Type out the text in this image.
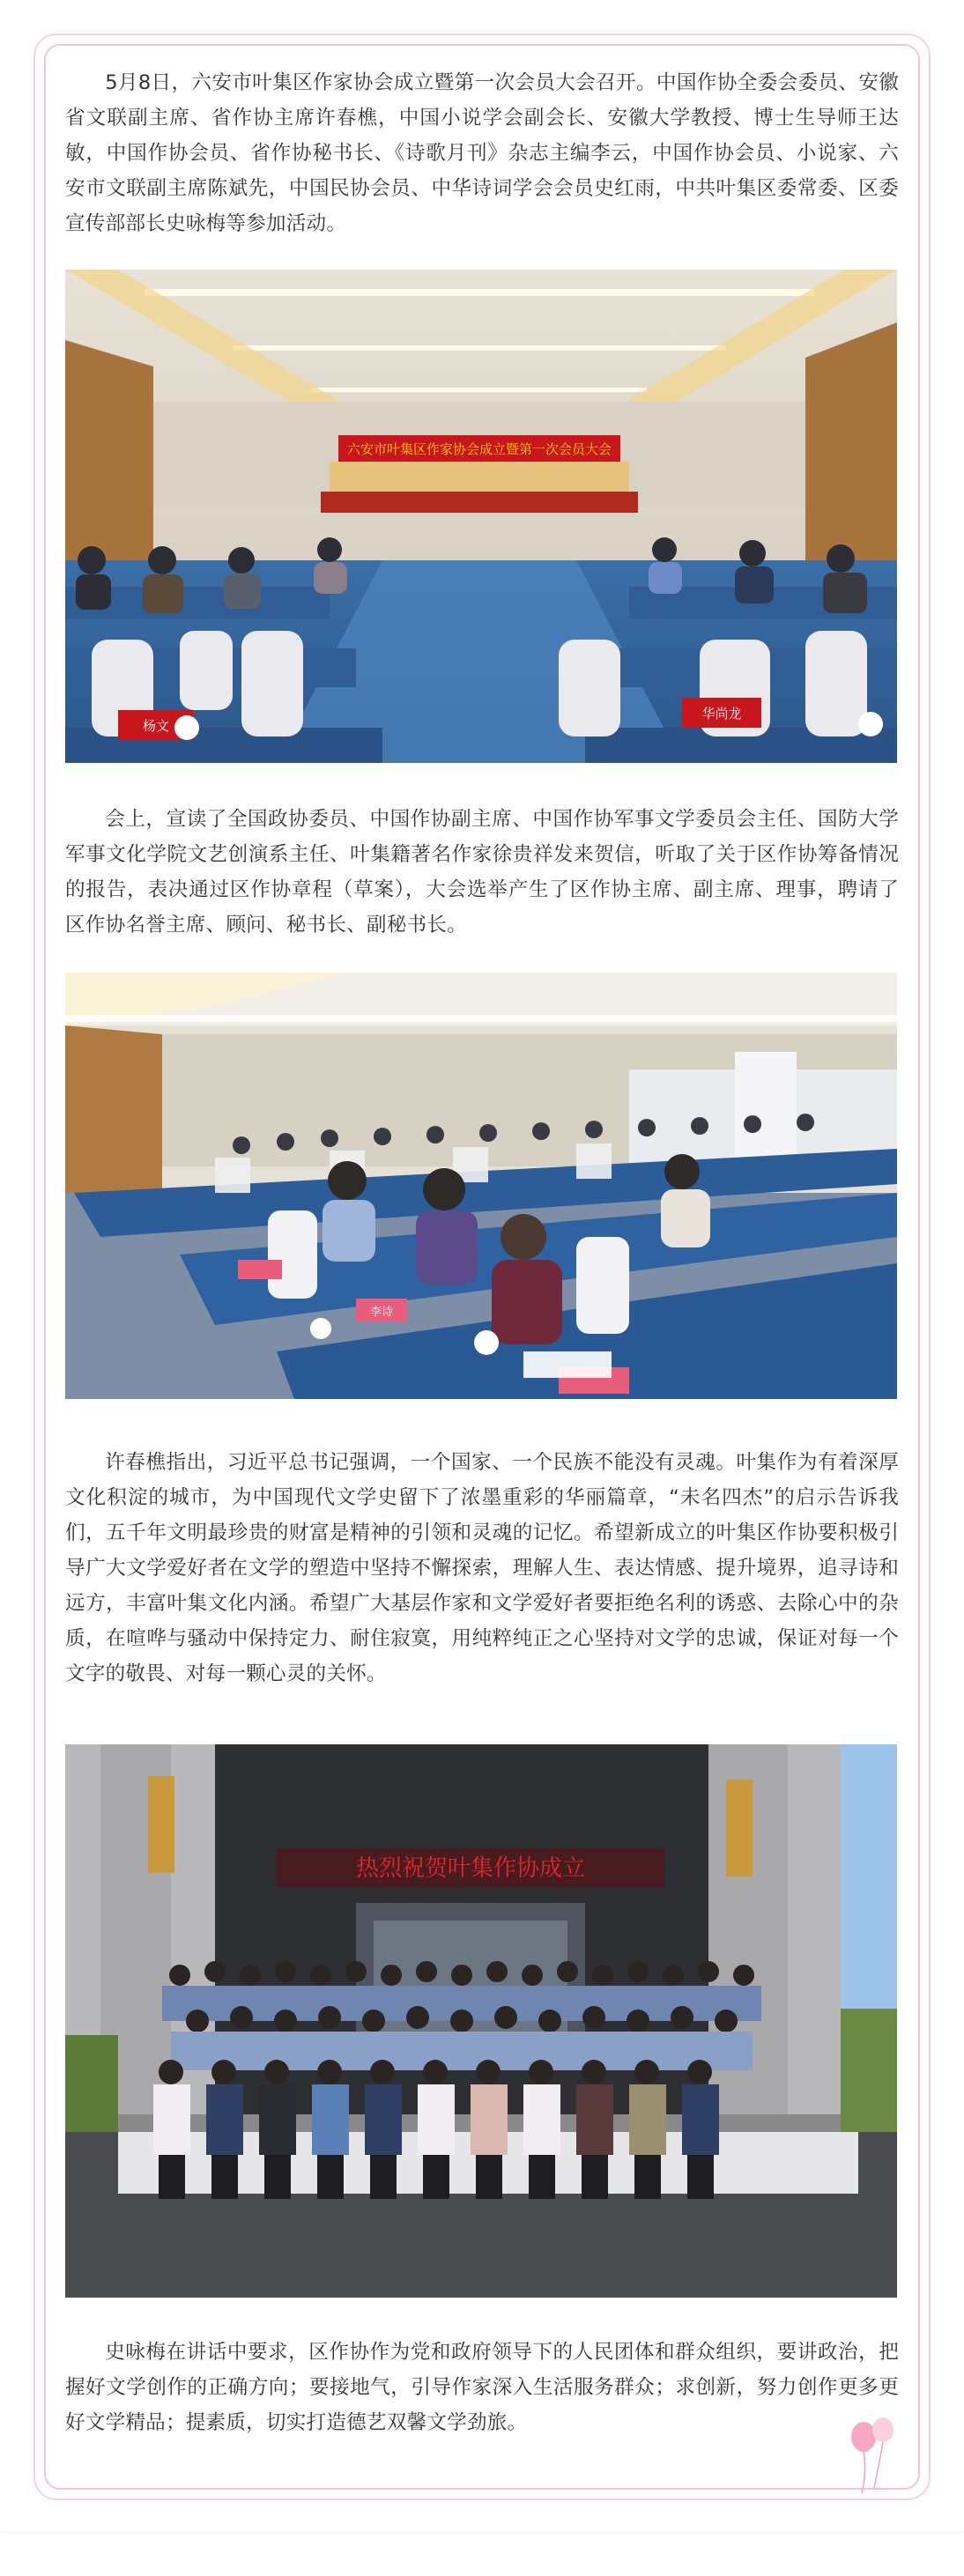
5月8日，六安市叶集区作家协会成立暨第一次会员大会召开。中国作协全委会委员、安徽省文联副主席、省作协主席许春樵，中国小说学会副会长、安徽大学教授、博士生导师王达敏，中国作协会员、省作协秘书长、《诗歌月刊》杂志主编李云，中国作协会员、小说家、六安市文联副主席陈斌先，中国民协会员、中华诗词学会会员史红雨，中共叶集区委常委、区委宣传部部长史咏梅等参加活动。

六安市叶集区作家协会成立暨第一次会员大会
杨文
华尚龙

会上，宣读了全国政协委员、中国作协副主席、中国作协军事文学委员会主任、国防大学军事文化学院文艺创演系主任、叶集籍著名作家徐贵祥发来贺信，听取了关于区作协筹备情况的报告，表决通过区作协章程（草案），大会选举产生了区作协主席、副主席、理事，聘请了区作协名誉主席、顾问、秘书长、副秘书长。

李诗

许春樵指出，习近平总书记强调，一个国家、一个民族不能没有灵魂。叶集作为有着深厚文化积淀的城市，为中国现代文学史留下了浓墨重彩的华丽篇章，“未名四杰”的启示告诉我们，五千年文明最珍贵的财富是精神的引领和灵魂的记忆。希望新成立的叶集区作协要积极引导广大文学爱好者在文学的塑造中坚持不懈探索，理解人生、表达情感、提升境界，追寻诗和远方，丰富叶集文化内涵。希望广大基层作家和文学爱好者要拒绝名利的诱惑、去除心中的杂质，在喧哗与骚动中保持定力、耐住寂寞，用纯粹纯正之心坚持对文学的忠诚，保证对每一个文字的敬畏、对每一颗心灵的关怀。

热烈祝贺叶集作协成立

史咏梅在讲话中要求，区作协作为党和政府领导下的人民团体和群众组织，要讲政治，把握好文学创作的正确方向；要接地气，引导作家深入生活服务群众；求创新，努力创作更多更好文学精品；提素质，切实打造德艺双馨文学劲旅。
